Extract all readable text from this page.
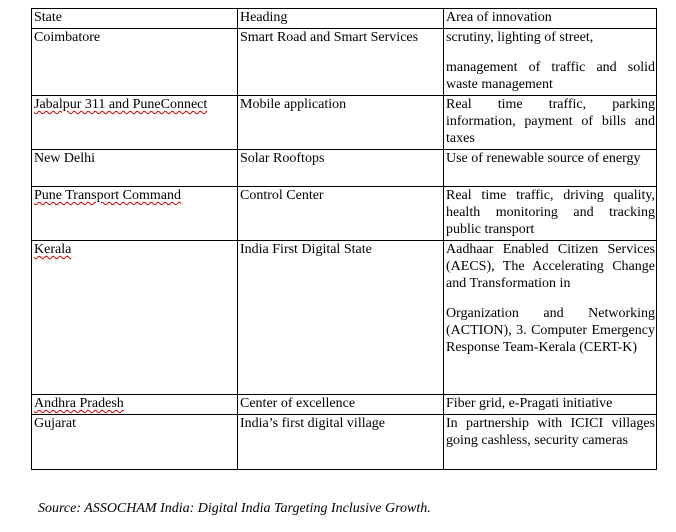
State	Heading	Area of innovation
Coimbatore	Smart Road and Smart Services	scrutiny, lighting of street,

management of traffic and solid waste management

Jabalpur 311 and PuneConnect	Mobile application	Real time traffic, parking information, payment of bills and taxes
New Delhi	Solar Rooftops	Use of renewable source of energy
Pune Transport Command	Control Center	Real time traffic, driving quality, health monitoring and tracking public transport
Kerala	India First Digital State	Aadhaar Enabled Citizen Services (AECS), The Accelerating Change and Transformation in

Organization and Networking (ACTION), 3. Computer Emergency Response Team-Kerala (CERT-K)

Andhra Pradesh	Center of excellence	Fiber grid, e-Pragati initiative
Gujarat	India’s first digital village	In partnership with ICICI villages going cashless, security cameras

Source: ASSOCHAM India: Digital India Targeting Inclusive Growth.
